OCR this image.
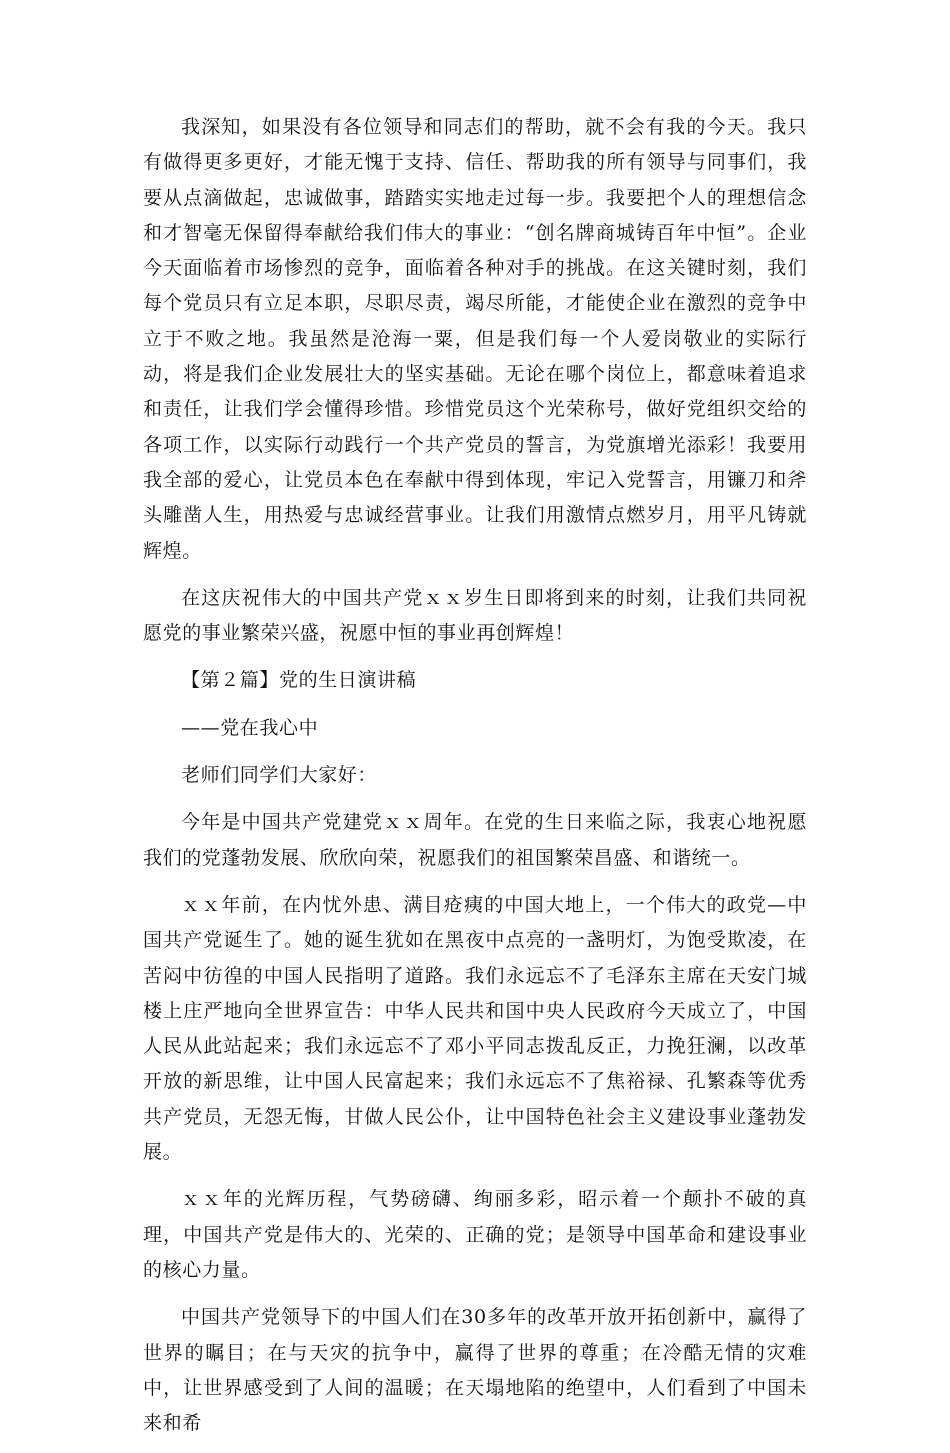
我深知，如果没有各位领导和同志们的帮助，就不会有我的今天。我只有做得更多更好，才能无愧于支持、信任、帮助我的所有领导与同事们，我要从点滴做起，忠诚做事，踏踏实实地走过每一步。我要把个人的理想信念和才智毫无保留得奉献给我们伟大的事业：“创名牌商城铸百年中恒”。企业今天面临着市场惨烈的竞争，面临着各种对手的挑战。在这关键时刻，我们每个党员只有立足本职，尽职尽责，竭尽所能，才能使企业在激烈的竞争中立于不败之地。我虽然是沧海一粟，但是我们每一个人爱岗敬业的实际行动，将是我们企业发展壮大的坚实基础。无论在哪个岗位上，都意味着追求和责任，让我们学会懂得珍惜。珍惜党员这个光荣称号，做好党组织交给的各项工作，以实际行动践行一个共产党员的誓言，为党旗增光添彩！我要用我全部的爱心，让党员本色在奉献中得到体现，牢记入党誓言，用镰刀和斧头雕凿人生，用热爱与忠诚经营事业。让我们用激情点燃岁月，用平凡铸就辉煌。

在这庆祝伟大的中国共产党ｘｘ岁生日即将到来的时刻，让我们共同祝愿党的事业繁荣兴盛，祝愿中恒的事业再创辉煌！

【第２篇】党的生日演讲稿

——党在我心中

老师们同学们大家好：

今年是中国共产党建党ｘｘ周年。在党的生日来临之际，我衷心地祝愿我们的党蓬勃发展、欣欣向荣，祝愿我们的祖国繁荣昌盛、和谐统一。

ｘｘ年前，在内忧外患、满目疮痍的中国大地上，一个伟大的政党—中国共产党诞生了。她的诞生犹如在黑夜中点亮的一盏明灯，为饱受欺凌，在苦闷中彷徨的中国人民指明了道路。我们永远忘不了毛泽东主席在天安门城楼上庄严地向全世界宣告：中华人民共和国中央人民政府今天成立了，中国人民从此站起来；我们永远忘不了邓小平同志拨乱反正，力挽狂澜，以改革开放的新思维，让中国人民富起来；我们永远忘不了焦裕禄、孔繁森等优秀共产党员，无怨无悔，甘做人民公仆，让中国特色社会主义建设事业蓬勃发展。

ｘｘ年的光辉历程，气势磅礴、绚丽多彩，昭示着一个颠扑不破的真理，中国共产党是伟大的、光荣的、正确的党；是领导中国革命和建设事业的核心力量。

中国共产党领导下的中国人们在30多年的改革开放开拓创新中，赢得了世界的瞩目；在与天灾的抗争中，赢得了世界的尊重；在冷酷无情的灾难中，让世界感受到了人间的温暖；在天塌地陷的绝望中，人们看到了中国未来和希
